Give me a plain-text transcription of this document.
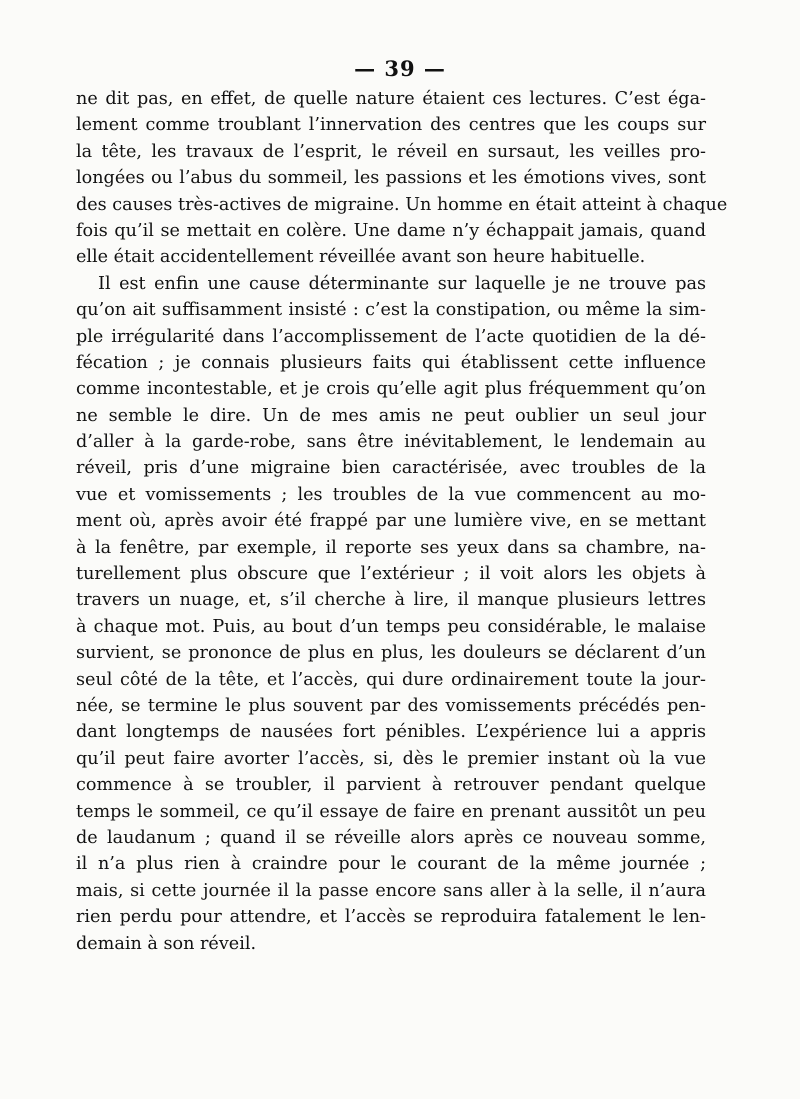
— 39 —
ne dit pas, en effet, de quelle nature étaient ces lectures. C’est éga-
lement comme troublant l’innervation des centres que les coups sur
la tête, les travaux de l’esprit, le réveil en sursaut, les veilles pro-
longées ou l’abus du sommeil, les passions et les émotions vives, sont
des causes très-actives de migraine. Un homme en était atteint à chaque
fois qu’il se mettait en colère. Une dame n’y échappait jamais, quand
elle était accidentellement réveillée avant son heure habituelle.
Il est enfin une cause déterminante sur laquelle je ne trouve pas
qu’on ait suffisamment insisté : c’est la constipation, ou même la sim-
ple irrégularité dans l’accomplissement de l’acte quotidien de la dé-
fécation ; je connais plusieurs faits qui établissent cette influence
comme incontestable, et je crois qu’elle agit plus fréquemment qu’on
ne semble le dire. Un de mes amis ne peut oublier un seul jour
d’aller à la garde-robe, sans être inévitablement, le lendemain au
réveil, pris d’une migraine bien caractérisée, avec troubles de la
vue et vomissements ; les troubles de la vue commencent au mo-
ment où, après avoir été frappé par une lumière vive, en se mettant
à la fenêtre, par exemple, il reporte ses yeux dans sa chambre, na-
turellement plus obscure que l’extérieur ; il voit alors les objets à
travers un nuage, et, s’il cherche à lire, il manque plusieurs lettres
à chaque mot. Puis, au bout d’un temps peu considérable, le malaise
survient, se prononce de plus en plus, les douleurs se déclarent d’un
seul côté de la tête, et l’accès, qui dure ordinairement toute la jour-
née, se termine le plus souvent par des vomissements précédés pen-
dant longtemps de nausées fort pénibles. L’expérience lui a appris
qu’il peut faire avorter l’accès, si, dès le premier instant où la vue
commence à se troubler, il parvient à retrouver pendant quelque
temps le sommeil, ce qu’il essaye de faire en prenant aussitôt un peu
de laudanum ; quand il se réveille alors après ce nouveau somme,
il n’a plus rien à craindre pour le courant de la même journée ;
mais, si cette journée il la passe encore sans aller à la selle, il n’aura
rien perdu pour attendre, et l’accès se reproduira fatalement le len-
demain à son réveil.
